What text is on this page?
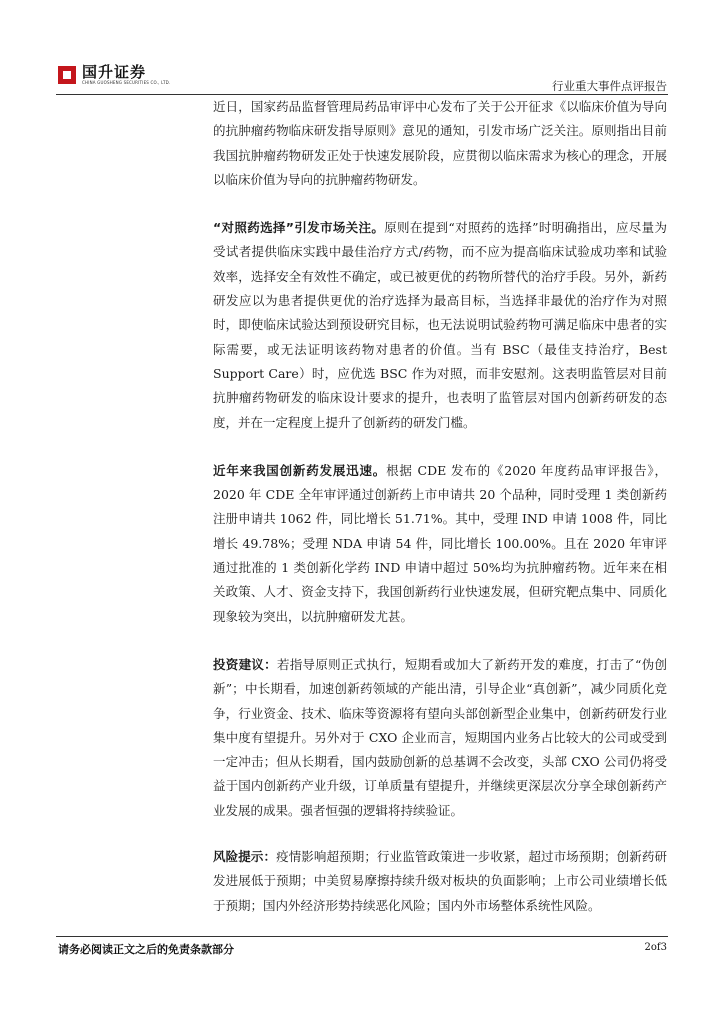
国升证券
CHINA GUOSHENG SECURITIES CO., LTD.	行业重大事件点评报告

近日，国家药品监督管理局药品审评中心发布了关于公开征求《以临床价值为导向的抗肿瘤药物临床研发指导原则》意见的通知，引发市场广泛关注。原则指出目前我国抗肿瘤药物研发正处于快速发展阶段，应贯彻以临床需求为核心的理念，开展以临床价值为导向的抗肿瘤药物研发。

“对照药选择”引发市场关注。原则在提到“对照药的选择”时明确指出，应尽量为受试者提供临床实践中最佳治疗方式/药物，而不应为提高临床试验成功率和试验效率，选择安全有效性不确定，或已被更优的药物所替代的治疗手段。另外，新药研发应以为患者提供更优的治疗选择为最高目标，当选择非最优的治疗作为对照时，即使临床试验达到预设研究目标，也无法说明试验药物可满足临床中患者的实际需要，或无法证明该药物对患者的价值。当有 BSC（最佳支持治疗，Best Support Care）时，应优选 BSC 作为对照，而非安慰剂。这表明监管层对目前抗肿瘤药物研发的临床设计要求的提升，也表明了监管层对国内创新药研发的态度，并在一定程度上提升了创新药的研发门槛。

近年来我国创新药发展迅速。根据 CDE 发布的《2020 年度药品审评报告》，2020 年 CDE 全年审评通过创新药上市申请共 20 个品种，同时受理 1 类创新药注册申请共 1062 件，同比增长 51.71%。其中，受理 IND 申请 1008 件，同比增长 49.78%；受理 NDA 申请 54 件，同比增长 100.00%。且在 2020 年审评通过批准的 1 类创新化学药 IND 申请中超过 50%均为抗肿瘤药物。近年来在相关政策、人才、资金支持下，我国创新药行业快速发展，但研究靶点集中、同质化现象较为突出，以抗肿瘤研发尤甚。

投资建议：若指导原则正式执行，短期看或加大了新药开发的难度，打击了“伪创新”；中长期看，加速创新药领域的产能出清，引导企业“真创新”，减少同质化竞争，行业资金、技术、临床等资源将有望向头部创新型企业集中，创新药研发行业集中度有望提升。另外对于 CXO 企业而言，短期国内业务占比较大的公司或受到一定冲击；但从长期看，国内鼓励创新的总基调不会改变，头部 CXO 公司仍将受益于国内创新药产业升级，订单质量有望提升，并继续更深层次分享全球创新药产业发展的成果。强者恒强的逻辑将持续验证。

风险提示：疫情影响超预期；行业监管政策进一步收紧，超过市场预期；创新药研发进展低于预期；中美贸易摩擦持续升级对板块的负面影响；上市公司业绩增长低于预期；国内外经济形势持续恶化风险；国内外市场整体系统性风险。

请务必阅读正文之后的免责条款部分	2of3
